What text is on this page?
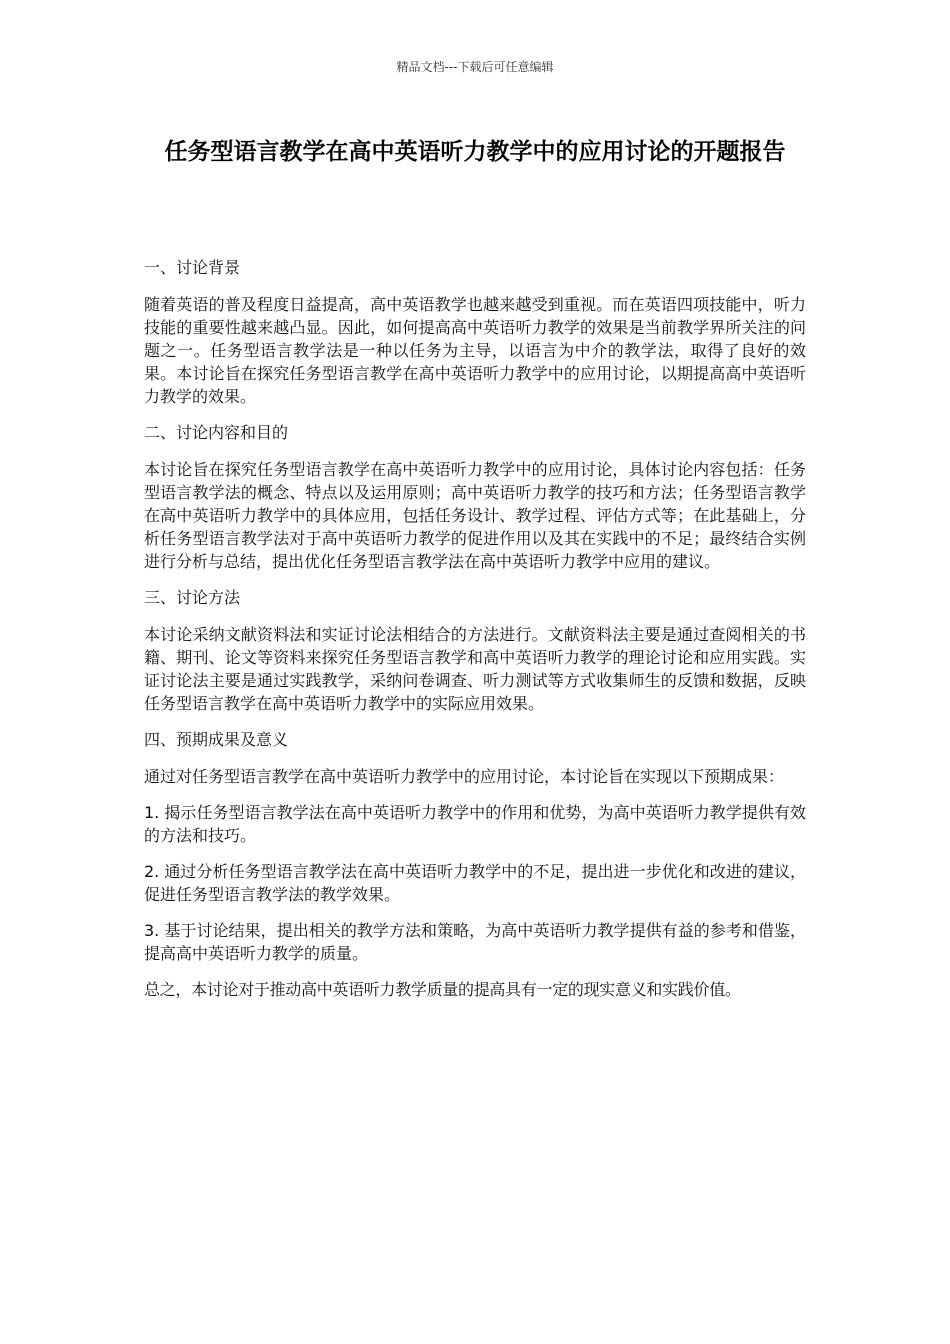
精品文档---下载后可任意编辑
任务型语言教学在高中英语听力教学中的应用讨论的开题报告

一、讨论背景

随着英语的普及程度日益提高，高中英语教学也越来越受到重视。而在英语四项技能中，听力技能的重要性越来越凸显。因此，如何提高高中英语听力教学的效果是当前教学界所关注的问题之一。任务型语言教学法是一种以任务为主导，以语言为中介的教学法，取得了良好的效果。本讨论旨在探究任务型语言教学在高中英语听力教学中的应用讨论，以期提高高中英语听力教学的效果。

二、讨论内容和目的

本讨论旨在探究任务型语言教学在高中英语听力教学中的应用讨论，具体讨论内容包括：任务型语言教学法的概念、特点以及运用原则；高中英语听力教学的技巧和方法；任务型语言教学在高中英语听力教学中的具体应用，包括任务设计、教学过程、评估方式等；在此基础上，分析任务型语言教学法对于高中英语听力教学的促进作用以及其在实践中的不足；最终结合实例进行分析与总结，提出优化任务型语言教学法在高中英语听力教学中应用的建议。

三、讨论方法

本讨论采纳文献资料法和实证讨论法相结合的方法进行。文献资料法主要是通过查阅相关的书籍、期刊、论文等资料来探究任务型语言教学和高中英语听力教学的理论讨论和应用实践。实证讨论法主要是通过实践教学，采纳问卷调查、听力测试等方式收集师生的反馈和数据，反映任务型语言教学在高中英语听力教学中的实际应用效果。

四、预期成果及意义

通过对任务型语言教学在高中英语听力教学中的应用讨论，本讨论旨在实现以下预期成果：

1. 揭示任务型语言教学法在高中英语听力教学中的作用和优势，为高中英语听力教学提供有效的方法和技巧。

2. 通过分析任务型语言教学法在高中英语听力教学中的不足，提出进一步优化和改进的建议，促进任务型语言教学法的教学效果。

3. 基于讨论结果，提出相关的教学方法和策略，为高中英语听力教学提供有益的参考和借鉴，提高高中英语听力教学的质量。

总之，本讨论对于推动高中英语听力教学质量的提高具有一定的现实意义和实践价值。
